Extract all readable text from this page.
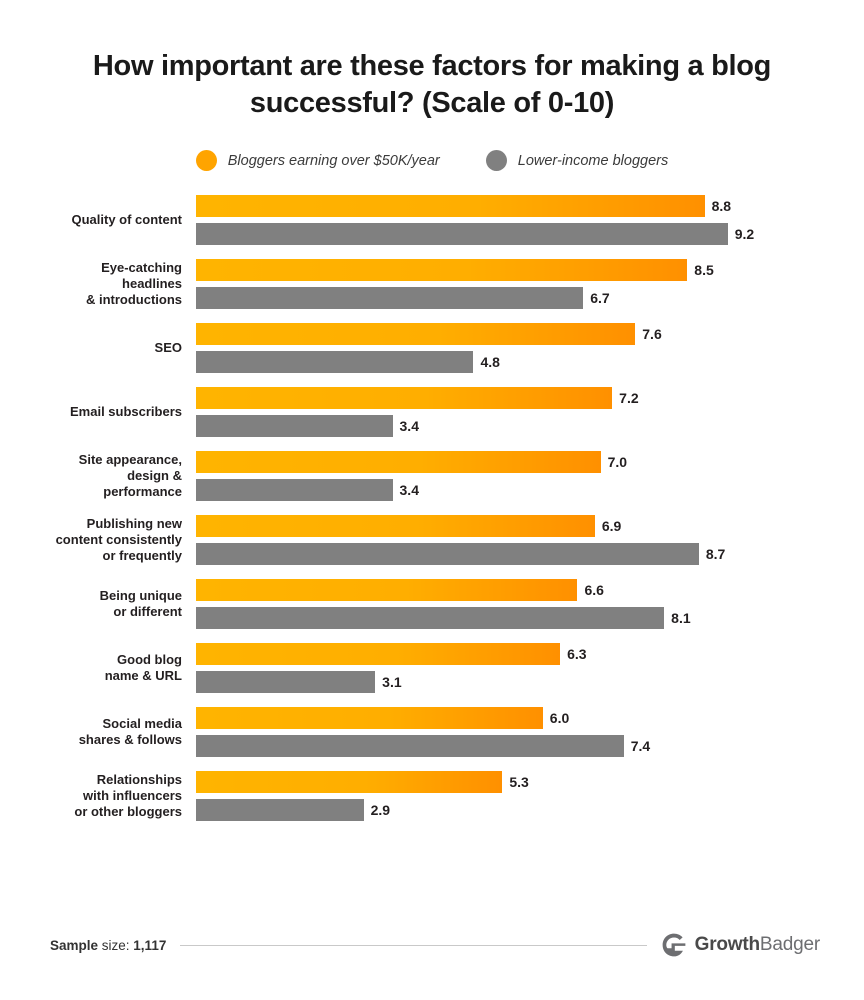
How important are these factors for making a blog successful? (Scale of 0-10)
Bloggers earning over $50K/year	Lower-income bloggers
Quality of content
8.8
9.2
Eye-catching
headlines
& introductions
8.5
6.7
SEO
7.6
4.8
Email subscribers
7.2
3.4
Site appearance,
design &
performance
7.0
3.4
Publishing new
content consistently
or frequently
6.9
8.7
Being unique
or different
6.6
8.1
Good blog
name & URL
6.3
3.1
Social media
shares & follows
6.0
7.4
Relationships
with influencers
or other bloggers
5.3
2.9
Sample size: 1,117	GrowthBadger
